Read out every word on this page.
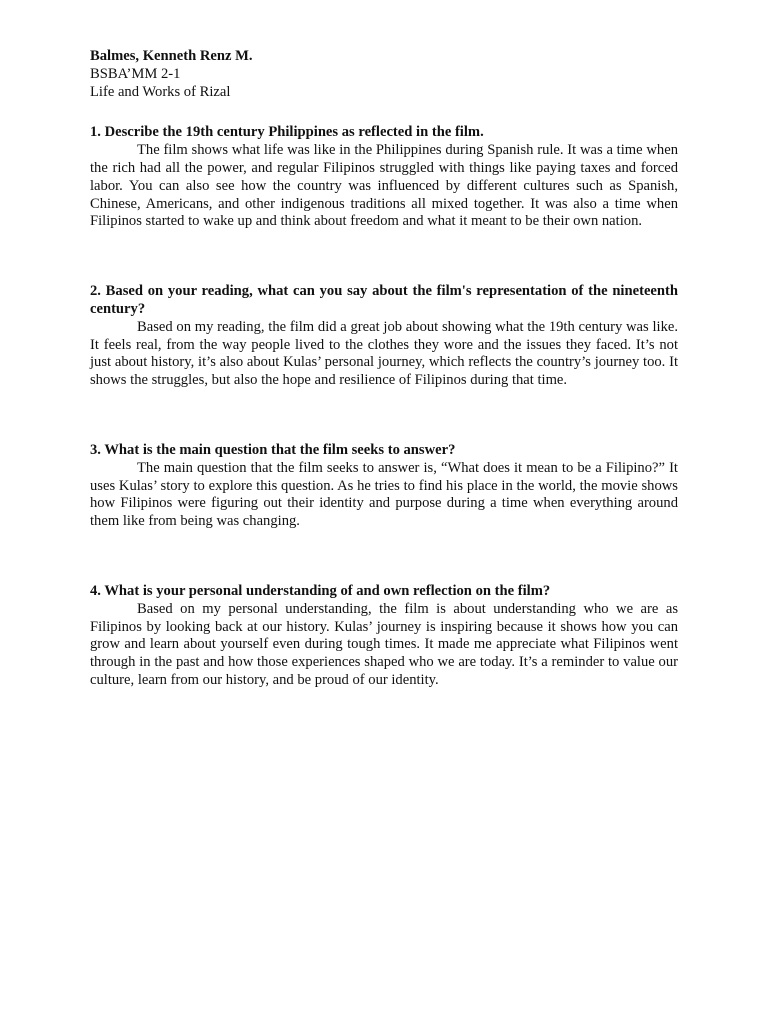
Balmes, Kenneth Renz M.
BSBA’MM 2-1
Life and Works of Rizal

1. Describe the 19th century Philippines as reflected in the film.

The film shows what life was like in the Philippines during Spanish rule. It was a time when the rich had all the power, and regular Filipinos struggled with things like paying taxes and forced labor. You can also see how the country was influenced by different cultures such as Spanish, Chinese, Americans, and other indigenous traditions all mixed together. It was also a time when Filipinos started to wake up and think about freedom and what it meant to be their own nation.

2. Based on your reading, what can you say about the film's representation of the nineteenth century?

Based on my reading, the film did a great job about showing what the 19th century was like. It feels real, from the way people lived to the clothes they wore and the issues they faced. It’s not just about history, it’s also about Kulas’ personal journey, which reflects the country’s journey too. It shows the struggles, but also the hope and resilience of Filipinos during that time.

3. What is the main question that the film seeks to answer?

The main question that the film seeks to answer is, “What does it mean to be a Filipino?” It uses Kulas’ story to explore this question. As he tries to find his place in the world, the movie shows how Filipinos were figuring out their identity and purpose during a time when everything around them like from being was changing.

4. What is your personal understanding of and own reflection on the film?

Based on my personal understanding, the film is about understanding who we are as Filipinos by looking back at our history. Kulas’ journey is inspiring because it shows how you can grow and learn about yourself even during tough times. It made me appreciate what Filipinos went through in the past and how those experiences shaped who we are today. It’s a reminder to value our culture, learn from our history, and be proud of our identity.
